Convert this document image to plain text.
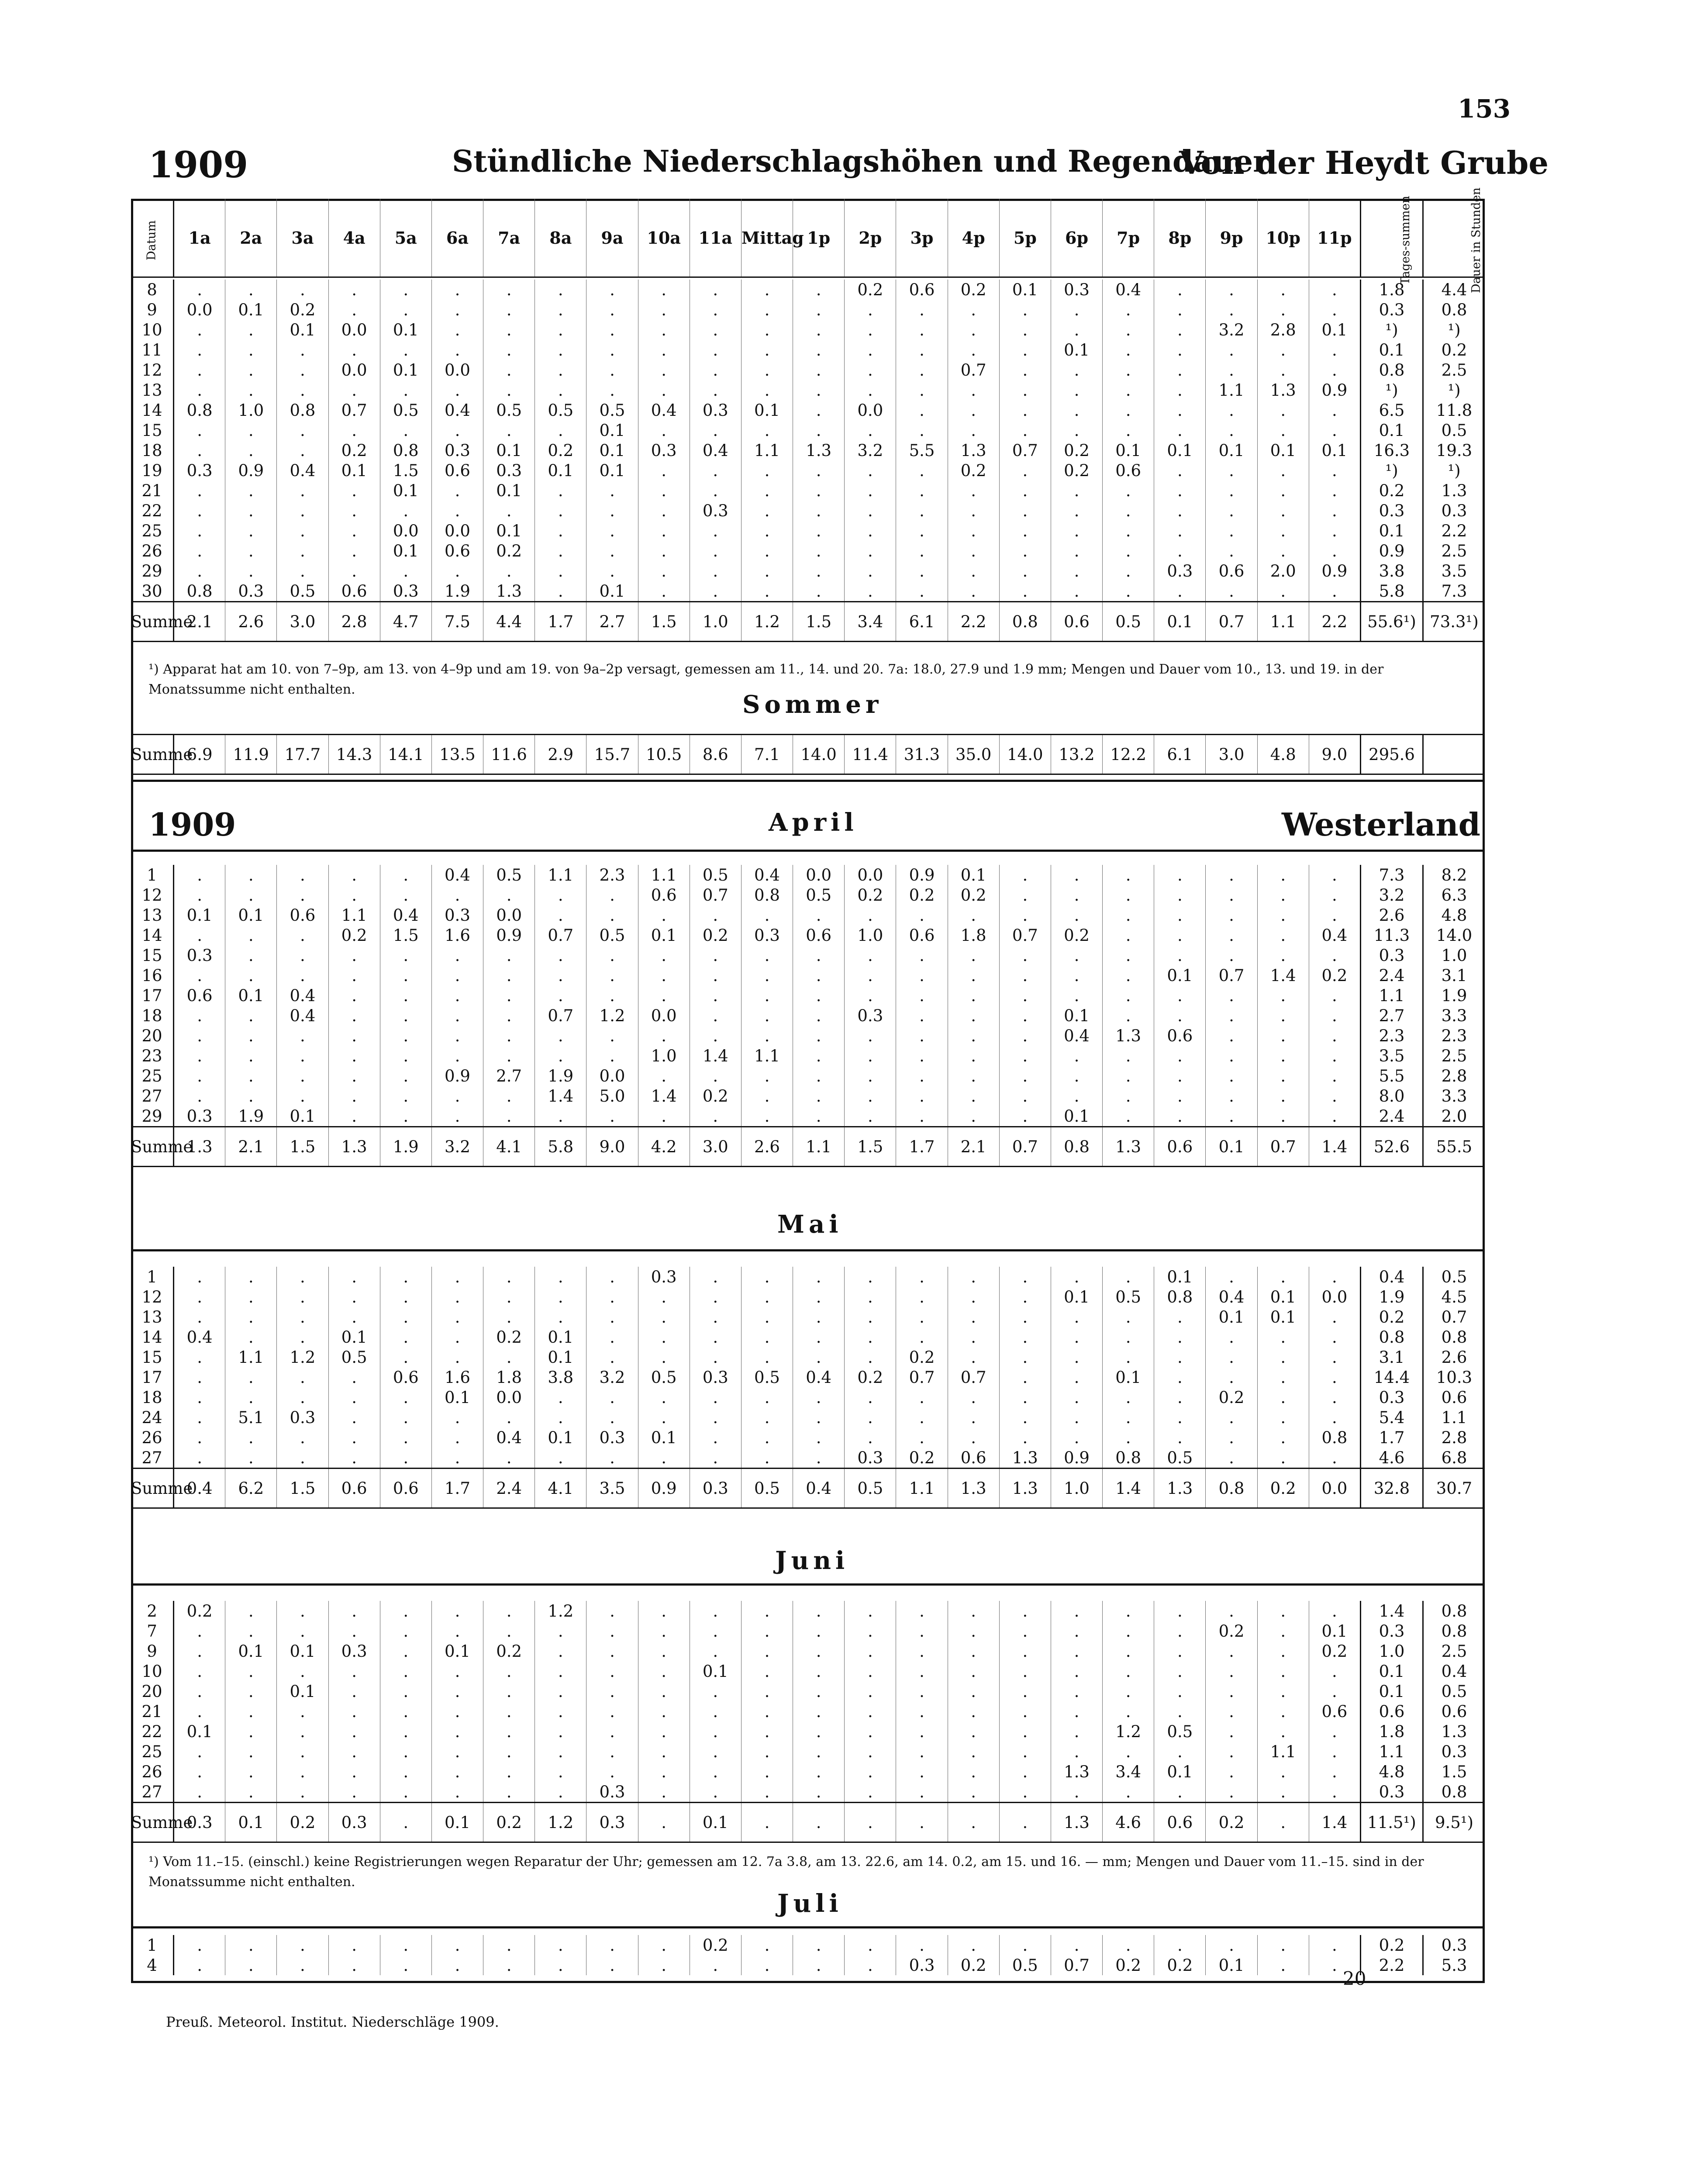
153
1909	Stündliche Niederschlagshöhen und Regendauer
Von der Heydt Grube
Datum	1a	2a	3a	4a	5a	6a	7a	8a	9a	10a	11a	Mittag	1p	2p	3p	4p	5p	6p	7p	8p	9p	10p	11p	Tages-summen	Dauer in Stunden
8	.	.	.	.	.	.	.	.	.	.	.	.	.	0.2	0.6	0.2	0.1	0.3	0.4	.	.	.	.	1.8	4.4
9	0.0	0.1	0.2	.	.	.	.	.	.	.	.	.	.	.	.	.	.	.	.	.	.	.	.	0.3	0.8
10	.	.	0.1	0.0	0.1	.	.	.	.	.	.	.	.	.	.	.	.	.	.	.	3.2	2.8	0.1	¹)	¹)
11	.	.	.	.	.	.	.	.	.	.	.	.	.	.	.	.	.	0.1	.	.	.	.	.	0.1	0.2
12	.	.	.	0.0	0.1	0.0	.	.	.	.	.	.	.	.	.	0.7	.	.	.	.	.	.	.	0.8	2.5
13	.	.	.	.	.	.	.	.	.	.	.	.	.	.	.	.	.	.	.	.	1.1	1.3	0.9	¹)	¹)
14	0.8	1.0	0.8	0.7	0.5	0.4	0.5	0.5	0.5	0.4	0.3	0.1	.	0.0	.	.	.	.	.	.	.	.	.	6.5	11.8
15	.	.	.	.	.	.	.	.	0.1	.	.	.	.	.	.	.	.	.	.	.	.	.	.	0.1	0.5
18	.	.	.	0.2	0.8	0.3	0.1	0.2	0.1	0.3	0.4	1.1	1.3	3.2	5.5	1.3	0.7	0.2	0.1	0.1	0.1	0.1	0.1	16.3	19.3
19	0.3	0.9	0.4	0.1	1.5	0.6	0.3	0.1	0.1	.	.	.	.	.	.	0.2	.	0.2	0.6	.	.	.	.	¹)	¹)
21	.	.	.	.	0.1	.	0.1	.	.	.	.	.	.	.	.	.	.	.	.	.	.	.	.	0.2	1.3
22	.	.	.	.	.	.	.	.	.	.	0.3	.	.	.	.	.	.	.	.	.	.	.	.	0.3	0.3
25	.	.	.	.	0.0	0.0	0.1	.	.	.	.	.	.	.	.	.	.	.	.	.	.	.	.	0.1	2.2
26	.	.	.	.	0.1	0.6	0.2	.	.	.	.	.	.	.	.	.	.	.	.	.	.	.	.	0.9	2.5
29	.	.	.	.	.	.	.	.	.	.	.	.	.	.	.	.	.	.	.	0.3	0.6	2.0	0.9	3.8	3.5
30	0.8	0.3	0.5	0.6	0.3	1.9	1.3	.	0.1	.	.	.	.	.	.	.	.	.	.	.	.	.	.	5.8	7.3
Summe	2.1	2.6	3.0	2.8	4.7	7.5	4.4	1.7	2.7	1.5	1.0	1.2	1.5	3.4	6.1	2.2	0.8	0.6	0.5	0.1	0.7	1.1	2.2	55.6¹)	73.3¹)
¹) Apparat hat am 10. von 7–9p, am 13. von 4–9p und am 19. von 9a–2p versagt, gemessen am 11., 14. und 20. 7a: 18.0, 27.9 und 1.9 mm; Mengen und Dauer vom 10., 13. und 19. in der Monatssumme nicht enthalten.
Sommer
Summe	6.9	11.9	17.7	14.3	14.1	13.5	11.6	2.9	15.7	10.5	8.6	7.1	14.0	11.4	31.3	35.0	14.0	13.2	12.2	6.1	3.0	4.8	9.0	295.6	
1909	April	Westerland
1	.	.	.	.	.	0.4	0.5	1.1	2.3	1.1	0.5	0.4	0.0	0.0	0.9	0.1	.	.	.	.	.	.	.	7.3	8.2
12	.	.	.	.	.	.	.	.	.	0.6	0.7	0.8	0.5	0.2	0.2	0.2	.	.	.	.	.	.	.	3.2	6.3
13	0.1	0.1	0.6	1.1	0.4	0.3	0.0	.	.	.	.	.	.	.	.	.	.	.	.	.	.	.	.	2.6	4.8
14	.	.	.	0.2	1.5	1.6	0.9	0.7	0.5	0.1	0.2	0.3	0.6	1.0	0.6	1.8	0.7	0.2	.	.	.	.	0.4	11.3	14.0
15	0.3	.	.	.	.	.	.	.	.	.	.	.	.	.	.	.	.	.	.	.	.	.	.	0.3	1.0
16	.	.	.	.	.	.	.	.	.	.	.	.	.	.	.	.	.	.	.	0.1	0.7	1.4	0.2	2.4	3.1
17	0.6	0.1	0.4	.	.	.	.	.	.	.	.	.	.	.	.	.	.	.	.	.	.	.	.	1.1	1.9
18	.	.	0.4	.	.	.	.	0.7	1.2	0.0	.	.	.	0.3	.	.	.	0.1	.	.	.	.	.	2.7	3.3
20	.	.	.	.	.	.	.	.	.	.	.	.	.	.	.	.	.	0.4	1.3	0.6	.	.	.	2.3	2.3
23	.	.	.	.	.	.	.	.	.	1.0	1.4	1.1	.	.	.	.	.	.	.	.	.	.	.	3.5	2.5
25	.	.	.	.	.	0.9	2.7	1.9	0.0	.	.	.	.	.	.	.	.	.	.	.	.	.	.	5.5	2.8
27	.	.	.	.	.	.	.	1.4	5.0	1.4	0.2	.	.	.	.	.	.	.	.	.	.	.	.	8.0	3.3
29	0.3	1.9	0.1	.	.	.	.	.	.	.	.	.	.	.	.	.	.	0.1	.	.	.	.	.	2.4	2.0
Summe	1.3	2.1	1.5	1.3	1.9	3.2	4.1	5.8	9.0	4.2	3.0	2.6	1.1	1.5	1.7	2.1	0.7	0.8	1.3	0.6	0.1	0.7	1.4	52.6	55.5
Mai
1	.	.	.	.	.	.	.	.	.	0.3	.	.	.	.	.	.	.	.	.	0.1	.	.	.	0.4	0.5
12	.	.	.	.	.	.	.	.	.	.	.	.	.	.	.	.	.	0.1	0.5	0.8	0.4	0.1	0.0	1.9	4.5
13	.	.	.	.	.	.	.	.	.	.	.	.	.	.	.	.	.	.	.	.	0.1	0.1	.	0.2	0.7
14	0.4	.	.	0.1	.	.	0.2	0.1	.	.	.	.	.	.	.	.	.	.	.	.	.	.	.	0.8	0.8
15	.	1.1	1.2	0.5	.	.	.	0.1	.	.	.	.	.	.	0.2	.	.	.	.	.	.	.	.	3.1	2.6
17	.	.	.	.	0.6	1.6	1.8	3.8	3.2	0.5	0.3	0.5	0.4	0.2	0.7	0.7	.	.	0.1	.	.	.	.	14.4	10.3
18	.	.	.	.	.	0.1	0.0	.	.	.	.	.	.	.	.	.	.	.	.	.	0.2	.	.	0.3	0.6
24	.	5.1	0.3	.	.	.	.	.	.	.	.	.	.	.	.	.	.	.	.	.	.	.	.	5.4	1.1
26	.	.	.	.	.	.	0.4	0.1	0.3	0.1	.	.	.	.	.	.	.	.	.	.	.	.	0.8	1.7	2.8
27	.	.	.	.	.	.	.	.	.	.	.	.	.	0.3	0.2	0.6	1.3	0.9	0.8	0.5	.	.	.	4.6	6.8
Summe	0.4	6.2	1.5	0.6	0.6	1.7	2.4	4.1	3.5	0.9	0.3	0.5	0.4	0.5	1.1	1.3	1.3	1.0	1.4	1.3	0.8	0.2	0.0	32.8	30.7
Juni
2	0.2	.	.	.	.	.	.	1.2	.	.	.	.	.	.	.	.	.	.	.	.	.	.	.	1.4	0.8
7	.	.	.	.	.	.	.	.	.	.	.	.	.	.	.	.	.	.	.	.	0.2	.	0.1	0.3	0.8
9	.	0.1	0.1	0.3	.	0.1	0.2	.	.	.	.	.	.	.	.	.	.	.	.	.	.	.	0.2	1.0	2.5
10	.	.	.	.	.	.	.	.	.	.	0.1	.	.	.	.	.	.	.	.	.	.	.	.	0.1	0.4
20	.	.	0.1	.	.	.	.	.	.	.	.	.	.	.	.	.	.	.	.	.	.	.	.	0.1	0.5
21	.	.	.	.	.	.	.	.	.	.	.	.	.	.	.	.	.	.	.	.	.	.	0.6	0.6	0.6
22	0.1	.	.	.	.	.	.	.	.	.	.	.	.	.	.	.	.	.	1.2	0.5	.	.	.	1.8	1.3
25	.	.	.	.	.	.	.	.	.	.	.	.	.	.	.	.	.	.	.	.	.	1.1	.	1.1	0.3
26	.	.	.	.	.	.	.	.	.	.	.	.	.	.	.	.	.	1.3	3.4	0.1	.	.	.	4.8	1.5
27	.	.	.	.	.	.	.	.	0.3	.	.	.	.	.	.	.	.	.	.	.	.	.	.	0.3	0.8
Summe	0.3	0.1	0.2	0.3	.	0.1	0.2	1.2	0.3	.	0.1	.	.	.	.	.	.	1.3	4.6	0.6	0.2	.	1.4	11.5¹)	9.5¹)
¹) Vom 11.–15. (einschl.) keine Registrierungen wegen Reparatur der Uhr; gemessen am 12. 7a 3.8, am 13. 22.6, am 14. 0.2, am 15. und 16. — mm; Mengen und Dauer vom 11.–15. sind in der Monatssumme nicht enthalten.
Juli
1	.	.	.	.	.	.	.	.	.	.	0.2	.	.	.	.	.	.	.	.	.	.	.	.	0.2	0.3
4	.	.	.	.	.	.	.	.	.	.	.	.	.	.	0.3	0.2	0.5	0.7	0.2	0.2	0.1	.	.	2.2	5.3
20
Preuß. Meteorol. Institut. Niederschläge 1909.
